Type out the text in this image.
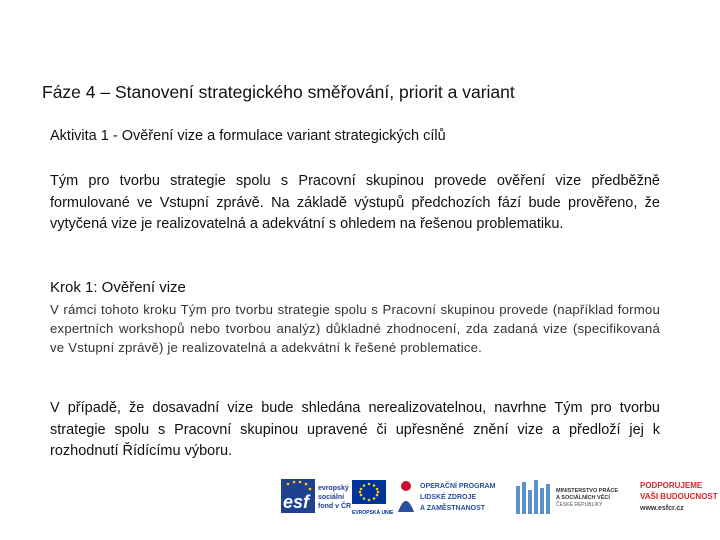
Fáze 4 – Stanovení strategického směřování, priorit a variant
Aktivita 1 - Ověření vize a formulace variant strategických cílů
Tým pro tvorbu strategie spolu s Pracovní skupinou provede ověření vize předběžně formulované ve Vstupní zprávě. Na základě výstupů předchozích fází bude prověřeno, že vytyčená vize je realizovatelná a adekvátní s ohledem na řešenou problematiku.
Krok 1: Ověření vize
V rámci tohoto kroku Tým pro tvorbu strategie spolu s Pracovní skupinou provede (například formou expertních workshopů nebo tvorbou analýz) důkladné zhodnocení, zda zadaná vize (specifikovaná ve Vstupní zprávě) je realizovatelná a adekvátní k řešené problematice.
V případě, že dosavadní vize bude shledána nerealizovatelnou, navrhne Tým pro tvorbu strategie spolu s Pracovní skupinou upravené či upřesněné znění vize a předloží jej k rozhodnutí Řídícímu výboru.
esf
evropský
sociální
fond v ČR
EVROPSKÁ UNIE
OPERAČNÍ PROGRAM
LIDSKÉ ZDROJE
A ZAMĚSTNANOST
MINISTERSTVO PRÁCE
A SOCIÁLNÍCH VĚCÍ
ČESKÉ REPUBLIKY
PODPORUJEME
VAŠI BUDOUCNOST
www.esfcr.cz
